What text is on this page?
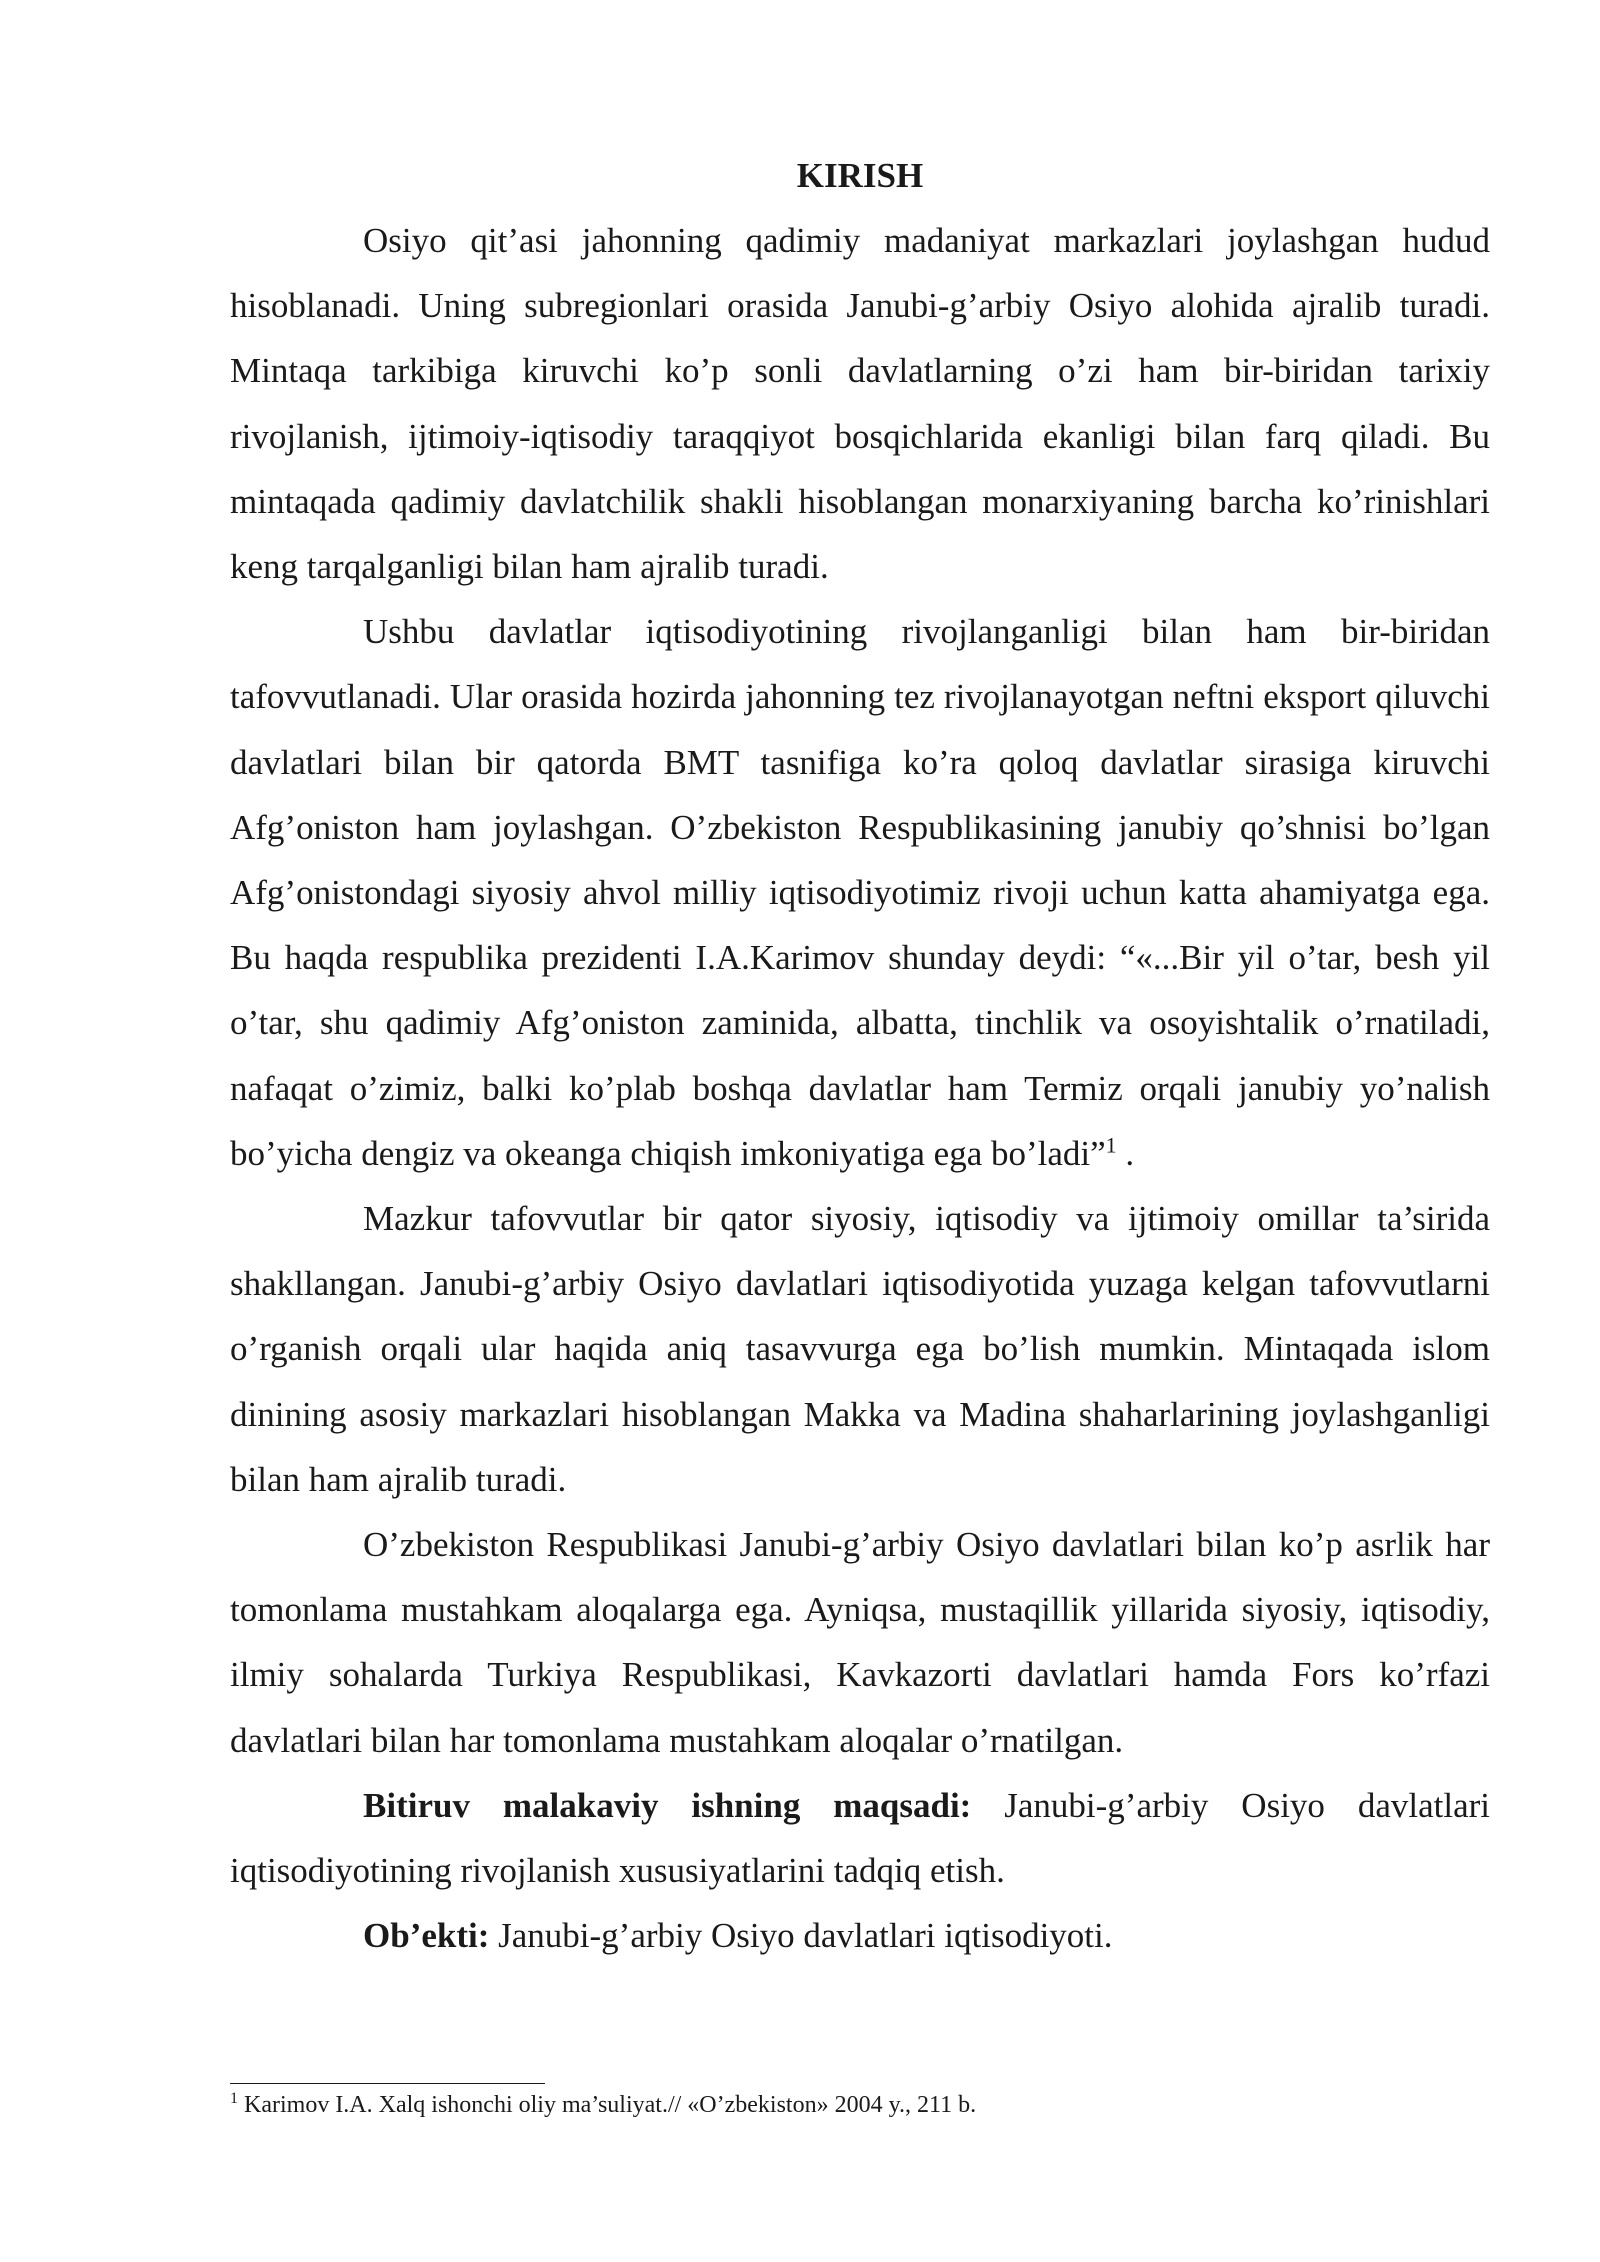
KIRISH

Osiyo qit’asi jahonning qadimiy madaniyat markazlari joylashgan hudud hisoblanadi. Uning subregionlari orasida Janubi-g’arbiy Osiyo alohida ajralib turadi. Mintaqa tarkibiga kiruvchi ko’p sonli davlatlarning o’zi ham bir-biridan tarixiy rivojlanish, ijtimoiy-iqtisodiy taraqqiyot bosqichlarida ekanligi bilan farq qiladi. Bu mintaqada qadimiy davlatchilik shakli hisoblangan monarxiyaning barcha ko’rinishlari keng tarqalganligi bilan ham ajralib turadi.

Ushbu davlatlar iqtisodiyotining rivojlanganligi bilan ham bir-biridan tafovvutlanadi. Ular orasida hozirda jahonning tez rivojlanayotgan neftni eksport qiluvchi davlatlari bilan bir qatorda BMT tasnifiga ko’ra qoloq davlatlar sirasiga kiruvchi Afg’oniston ham joylashgan. O’zbekiston Respublikasining janubiy qo’shnisi bo’lgan Afg’onistondagi siyosiy ahvol milliy iqtisodiyotimiz rivoji uchun katta ahamiyatga ega. Bu haqda respublika prezidenti I.A.Karimov shunday deydi: “«...Bir yil o’tar, besh yil o’tar, shu qadimiy Afg’oniston zaminida, albatta, tinchlik va osoyishtalik o’rnatiladi, nafaqat o’zimiz, balki ko’plab boshqa davlatlar ham Termiz orqali janubiy yo’nalish bo’yicha dengiz va okeanga chiqish imkoniyatiga ega bo’ladi”$^1$ .

Mazkur tafovvutlar bir qator siyosiy, iqtisodiy va ijtimoiy omillar ta’sirida shakllangan. Janubi-g’arbiy Osiyo davlatlari iqtisodiyotida yuzaga kelgan tafovvutlarni o’rganish orqali ular haqida aniq tasavvurga ega bo’lish mumkin. Mintaqada islom dinining asosiy markazlari hisoblangan Makka va Madina shaharlarining joylashganligi bilan ham ajralib turadi.

O’zbekiston Respublikasi Janubi-g’arbiy Osiyo davlatlari bilan ko’p asrlik har tomonlama mustahkam aloqalarga ega. Ayniqsa, mustaqillik yillarida siyosiy, iqtisodiy, ilmiy sohalarda Turkiya Respublikasi, Kavkazorti davlatlari hamda Fors ko’rfazi davlatlari bilan har tomonlama mustahkam aloqalar o’rnatilgan.

Bitiruv malakaviy ishning maqsadi: Janubi-g’arbiy Osiyo davlatlari iqtisodiyotining rivojlanish xususiyatlarini tadqiq etish.

Ob’ekti: Janubi-g’arbiy Osiyo davlatlari iqtisodiyoti.

$^1$ Karimov I.A. Xalq ishonchi oliy ma’suliyat.// «O’zbekiston» 2004 y., 211 b.
